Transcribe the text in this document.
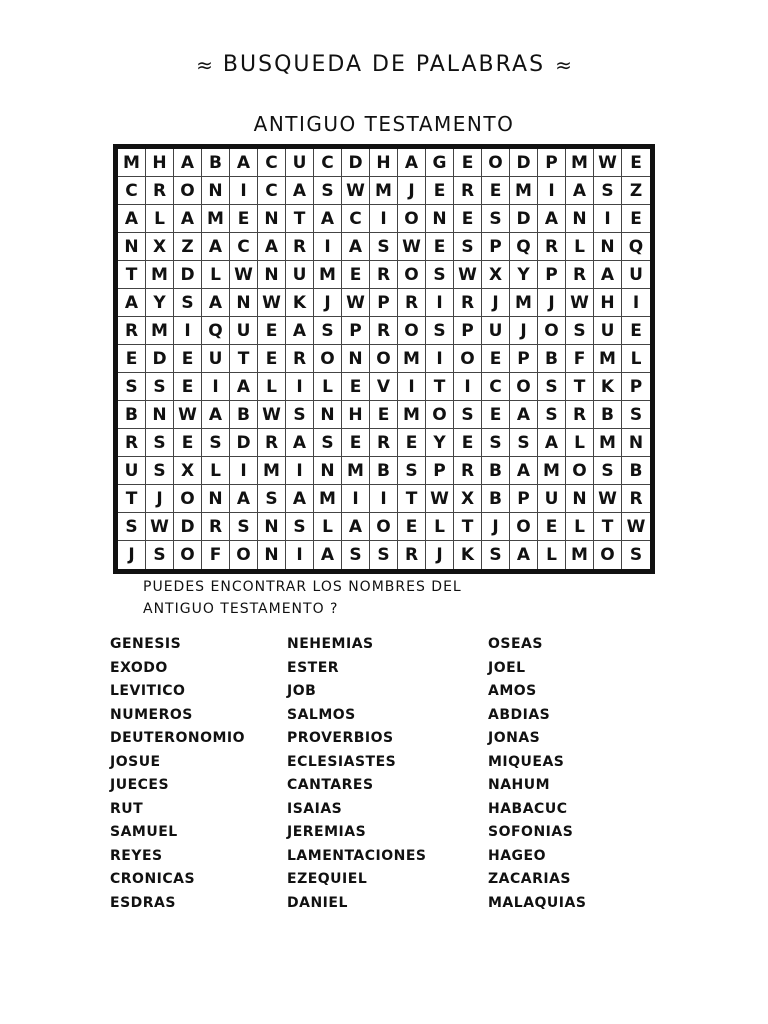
≈ BUSQUEDA DE PALABRAS ≈
ANTIGUO TESTAMENTO
M H A B A C U C D H A G E O D P M W E
C R O N	I	C A S W M J	E R E M I	A S Z
A L A M E N T A C	I	O N E S D A N	I	E
N X Z A C A R	I	A S W E S P Q R L N Q
T M D L W N U M E R O S W X Y P R A U
A Y S A N W K	J W P R	I	R	J M J W H	I
R M I	Q U E A S P R O S P U	J	O S U E
E D E U T E R O N O M I	O E P B F M L
S S E	I	A L	I	L E V	I	T	I	C O S T K P
B N W A B W S N H E M O S E A S R B S
R S E S D R A S E R E Y E S S A L M N
U S X L	I M I	N M B S P R B A M O S B
T	J	O N A S A M I	I	T W X B P U N W R
S W D R S N S L A O E L T	J	O E L T W
J	S O F O N	I	A S S R	J	K S A L M O S
PUEDES ENCONTRAR LOS NOMBRES DEL
ANTIGUO TESTAMENTO ?
GENESIS
EXODO
LEVITICO
NUMEROS
DEUTERONOMIO
JOSUE
JUECES
RUT
SAMUEL
REYES
CRONICAS
ESDRAS
NEHEMIAS
ESTER
JOB
SALMOS
PROVERBIOS
ECLESIASTES
CANTARES
ISAIAS
JEREMIAS
LAMENTACIONES
EZEQUIEL
DANIEL
OSEAS
JOEL
AMOS
ABDIAS
JONAS
MIQUEAS
NAHUM
HABACUC
SOFONIAS
HAGEO
ZACARIAS
MALAQUIAS
